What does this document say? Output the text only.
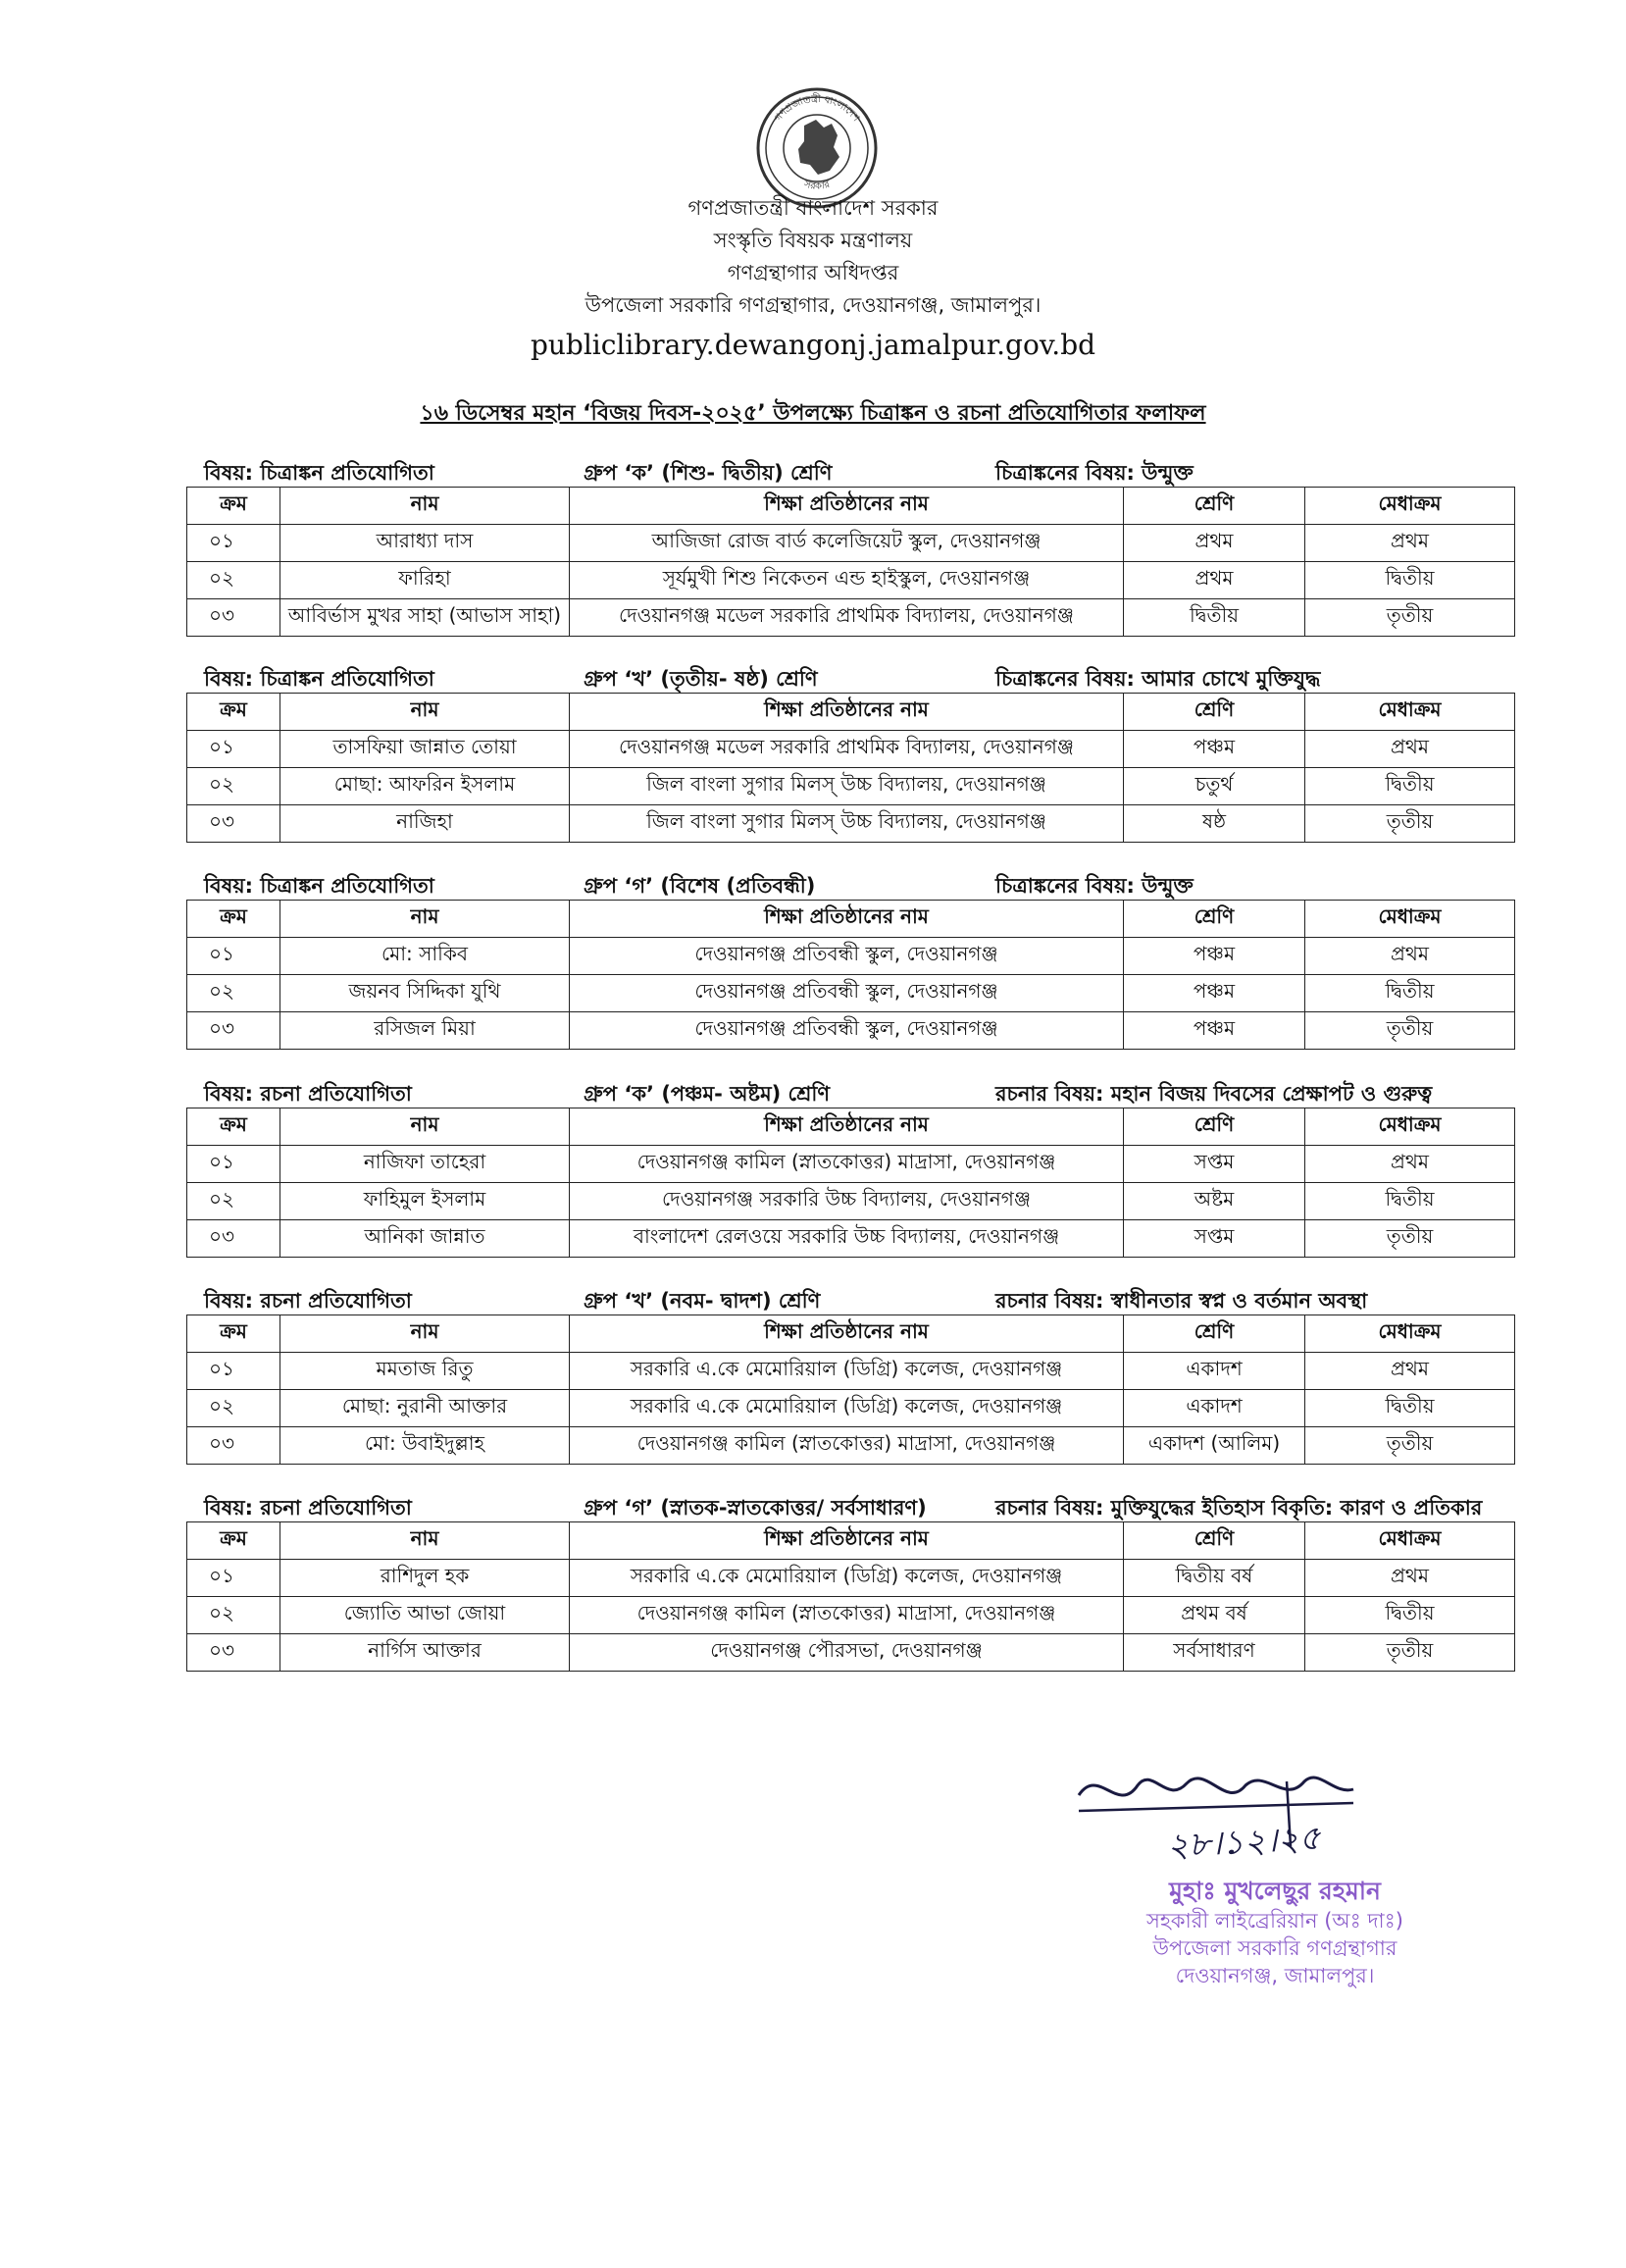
গণপ্রজাতন্ত্রী বাংলাদেশ
সরকার
গণপ্রজাতন্ত্রী বাংলাদেশ সরকার
সংস্কৃতি বিষয়ক মন্ত্রণালয়
গণগ্রন্থাগার অধিদপ্তর
উপজেলা সরকারি গণগ্রন্থাগার, দেওয়ানগঞ্জ, জামালপুর।
publiclibrary.dewangonj.jamalpur.gov.bd
১৬ ডিসেম্বর মহান ‘বিজয় দিবস-২০২৫’ উপলক্ষ্যে চিত্রাঙ্কন ও রচনা প্রতিযোগিতার ফলাফল
বিষয়: চিত্রাঙ্কন প্রতিযোগিতা	গ্রুপ ‘ক’ (শিশু- দ্বিতীয়) শ্রেণি	চিত্রাঙ্কনের বিষয়: উন্মুক্ত
ক্রম	নাম	শিক্ষা প্রতিষ্ঠানের নাম	শ্রেণি	মেধাক্রম
০১	আরাধ্যা দাস	আজিজা রোজ বার্ড কলেজিয়েট স্কুল, দেওয়ানগঞ্জ	প্রথম	প্রথম
০২	ফারিহা	সূর্যমুখী শিশু নিকেতন এন্ড হাইস্কুল, দেওয়ানগঞ্জ	প্রথম	দ্বিতীয়
০৩	আবির্ভাস মুখর সাহা (আভাস সাহা)	দেওয়ানগঞ্জ মডেল সরকারি প্রাথমিক বিদ্যালয়, দেওয়ানগঞ্জ	দ্বিতীয়	তৃতীয়
বিষয়: চিত্রাঙ্কন প্রতিযোগিতা	গ্রুপ ‘খ’ (তৃতীয়- ষষ্ঠ) শ্রেণি	চিত্রাঙ্কনের বিষয়: আমার চোখে মুক্তিযুদ্ধ
ক্রম	নাম	শিক্ষা প্রতিষ্ঠানের নাম	শ্রেণি	মেধাক্রম
০১	তাসফিয়া জান্নাত তোয়া	দেওয়ানগঞ্জ মডেল সরকারি প্রাথমিক বিদ্যালয়, দেওয়ানগঞ্জ	পঞ্চম	প্রথম
০২	মোছা: আফরিন ইসলাম	জিল বাংলা সুগার মিলস্ উচ্চ বিদ্যালয়, দেওয়ানগঞ্জ	চতুর্থ	দ্বিতীয়
০৩	নাজিহা	জিল বাংলা সুগার মিলস্ উচ্চ বিদ্যালয়, দেওয়ানগঞ্জ	ষষ্ঠ	তৃতীয়
বিষয়: চিত্রাঙ্কন প্রতিযোগিতা	গ্রুপ ‘গ’ (বিশেষ (প্রতিবন্ধী)	চিত্রাঙ্কনের বিষয়: উন্মুক্ত
ক্রম	নাম	শিক্ষা প্রতিষ্ঠানের নাম	শ্রেণি	মেধাক্রম
০১	মো: সাকিব	দেওয়ানগঞ্জ প্রতিবন্ধী স্কুল, দেওয়ানগঞ্জ	পঞ্চম	প্রথম
০২	জয়নব সিদ্দিকা যুথি	দেওয়ানগঞ্জ প্রতিবন্ধী স্কুল, দেওয়ানগঞ্জ	পঞ্চম	দ্বিতীয়
০৩	রসিজল মিয়া	দেওয়ানগঞ্জ প্রতিবন্ধী স্কুল, দেওয়ানগঞ্জ	পঞ্চম	তৃতীয়
বিষয়: রচনা প্রতিযোগিতা	গ্রুপ ‘ক’ (পঞ্চম- অষ্টম) শ্রেণি	রচনার বিষয়: মহান বিজয় দিবসের প্রেক্ষাপট ও গুরুত্ব
ক্রম	নাম	শিক্ষা প্রতিষ্ঠানের নাম	শ্রেণি	মেধাক্রম
০১	নাজিফা তাহেরা	দেওয়ানগঞ্জ কামিল (স্নাতকোত্তর) মাদ্রাসা, দেওয়ানগঞ্জ	সপ্তম	প্রথম
০২	ফাহিমুল ইসলাম	দেওয়ানগঞ্জ সরকারি উচ্চ বিদ্যালয়, দেওয়ানগঞ্জ	অষ্টম	দ্বিতীয়
০৩	আনিকা জান্নাত	বাংলাদেশ রেলওয়ে সরকারি উচ্চ বিদ্যালয়, দেওয়ানগঞ্জ	সপ্তম	তৃতীয়
বিষয়: রচনা প্রতিযোগিতা	গ্রুপ ‘খ’ (নবম- দ্বাদশ) শ্রেণি	রচনার বিষয়: স্বাধীনতার স্বপ্ন ও বর্তমান অবস্থা
ক্রম	নাম	শিক্ষা প্রতিষ্ঠানের নাম	শ্রেণি	মেধাক্রম
০১	মমতাজ রিতু	সরকারি এ.কে মেমোরিয়াল (ডিগ্রি) কলেজ, দেওয়ানগঞ্জ	একাদশ	প্রথম
০২	মোছা: নুরানী আক্তার	সরকারি এ.কে মেমোরিয়াল (ডিগ্রি) কলেজ, দেওয়ানগঞ্জ	একাদশ	দ্বিতীয়
০৩	মো: উবাইদুল্লাহ	দেওয়ানগঞ্জ কামিল (স্নাতকোত্তর) মাদ্রাসা, দেওয়ানগঞ্জ	একাদশ (আলিম)	তৃতীয়
বিষয়: রচনা প্রতিযোগিতা	গ্রুপ ‘গ’ (স্নাতক-স্নাতকোত্তর/ সর্বসাধারণ)	রচনার বিষয়: মুক্তিযুদ্ধের ইতিহাস বিকৃতি: কারণ ও প্রতিকার
ক্রম	নাম	শিক্ষা প্রতিষ্ঠানের নাম	শ্রেণি	মেধাক্রম
০১	রাশিদুল হক	সরকারি এ.কে মেমোরিয়াল (ডিগ্রি) কলেজ, দেওয়ানগঞ্জ	দ্বিতীয় বর্ষ	প্রথম
০২	জ্যোতি আভা জোয়া	দেওয়ানগঞ্জ কামিল (স্নাতকোত্তর) মাদ্রাসা, দেওয়ানগঞ্জ	প্রথম বর্ষ	দ্বিতীয়
০৩	নার্গিস আক্তার	দেওয়ানগঞ্জ পৌরসভা, দেওয়ানগঞ্জ	সর্বসাধারণ	তৃতীয়
মুখলেছুর
২৮।১২।২৫
মুহাঃ মুখলেছুর রহমান
সহকারী লাইব্রেরিয়ান (অঃ দাঃ)
উপজেলা সরকারি গণগ্রন্থাগার
দেওয়ানগঞ্জ, জামালপুর।
